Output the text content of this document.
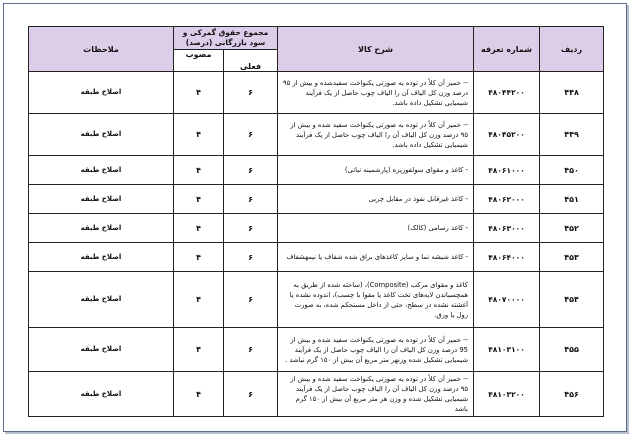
ردیف	شماره تعرفه	شرح کالا	مجموع حقوق گمرکی و سود بازرگانی (درصد)		ملاحظات
			فعلی	مصوب	
۴۴۸	۴۸۰۴۴۲۰۰	-- خمیر آن کلاً در توده به صورتی یکنواخت سفیدشده و بیش از ۹۵ درصد وزن کل الیاف آن را الیاف چوب حاصل از یک فرآیند شیمیایی تشکیل داده باشد.	۶	۴	اصلاح طبقه
۴۴۹	۴۸۰۴۵۲۰۰	-- خمیر آن کلاً در توده به صورتی یکنواخت سفید شده و بیش از ۹۵ درصد وزن کل الیاف آن را الیاف چوب حاصل از یک فرآیند شیمیایی تشکیل داده باشد.	۶	۴	اصلاح طبقه
۴۵۰	۴۸۰۶۱۰۰۰	- کاغذ و مقوای سولفوریزه (پارشمینه نباتی)	۶	۴	اصلاح طبقه
۴۵۱	۴۸۰۶۲۰۰۰	- کاغذ غیرقابل نفوذ در مقابل چربی	۶	۴	اصلاح طبقه
۴۵۲	۴۸۰۶۳۰۰۰	- کاغذ رسامی (کالک)	۶	۴	اصلاح طبقه
۴۵۳	۴۸۰۶۴۰۰۰	- کاغذ شیشه نما و سایر کاغذهای براق شده شفاف یا نیمهشفاف	۶	۴	اصلاح طبقه
۴۵۴	۴۸۰۷۰۰۰۰	کاغذ و مقوای مرکب (Composite)، (ساخته شده از طریق به همچسباندن لایه‌های تخت کاغذ یا مقوا با چسب)، اندوده نشده یا آغشته نشده در سطح، حتی از داخل مستحکم شده، به صورت رول یا ورق.	۶	۴	اصلاح طبقه
۴۵۵	۴۸۱۰۳۱۰۰	-- خمیر آن کلاً در توده به صورتی یکنواخت سفید شده و بیش از 95 درصد وزن کل الیاف آن را الیاف چوب حاصل از یک فرآیند شیمیایی تشکیل شده وزنهر متر مربع آن بیش از ۱۵۰ گرم نباشد .	۶	۴	اصلاح طبقه
۴۵۶	۴۸۱۰۳۲۰۰	-- خمیر آن کلاً در توده به صورتی یکنواخت سفید شده و بیش از ۹۵ درصد وزن کل الیاف آن را الیاف چوب حاصل از یک فرآیند شیمیایی تشکیل شده و وزن هر متر مربع آن بیش از ۱۵۰ گرم باشد	۶	۴	اصلاح طبقه
